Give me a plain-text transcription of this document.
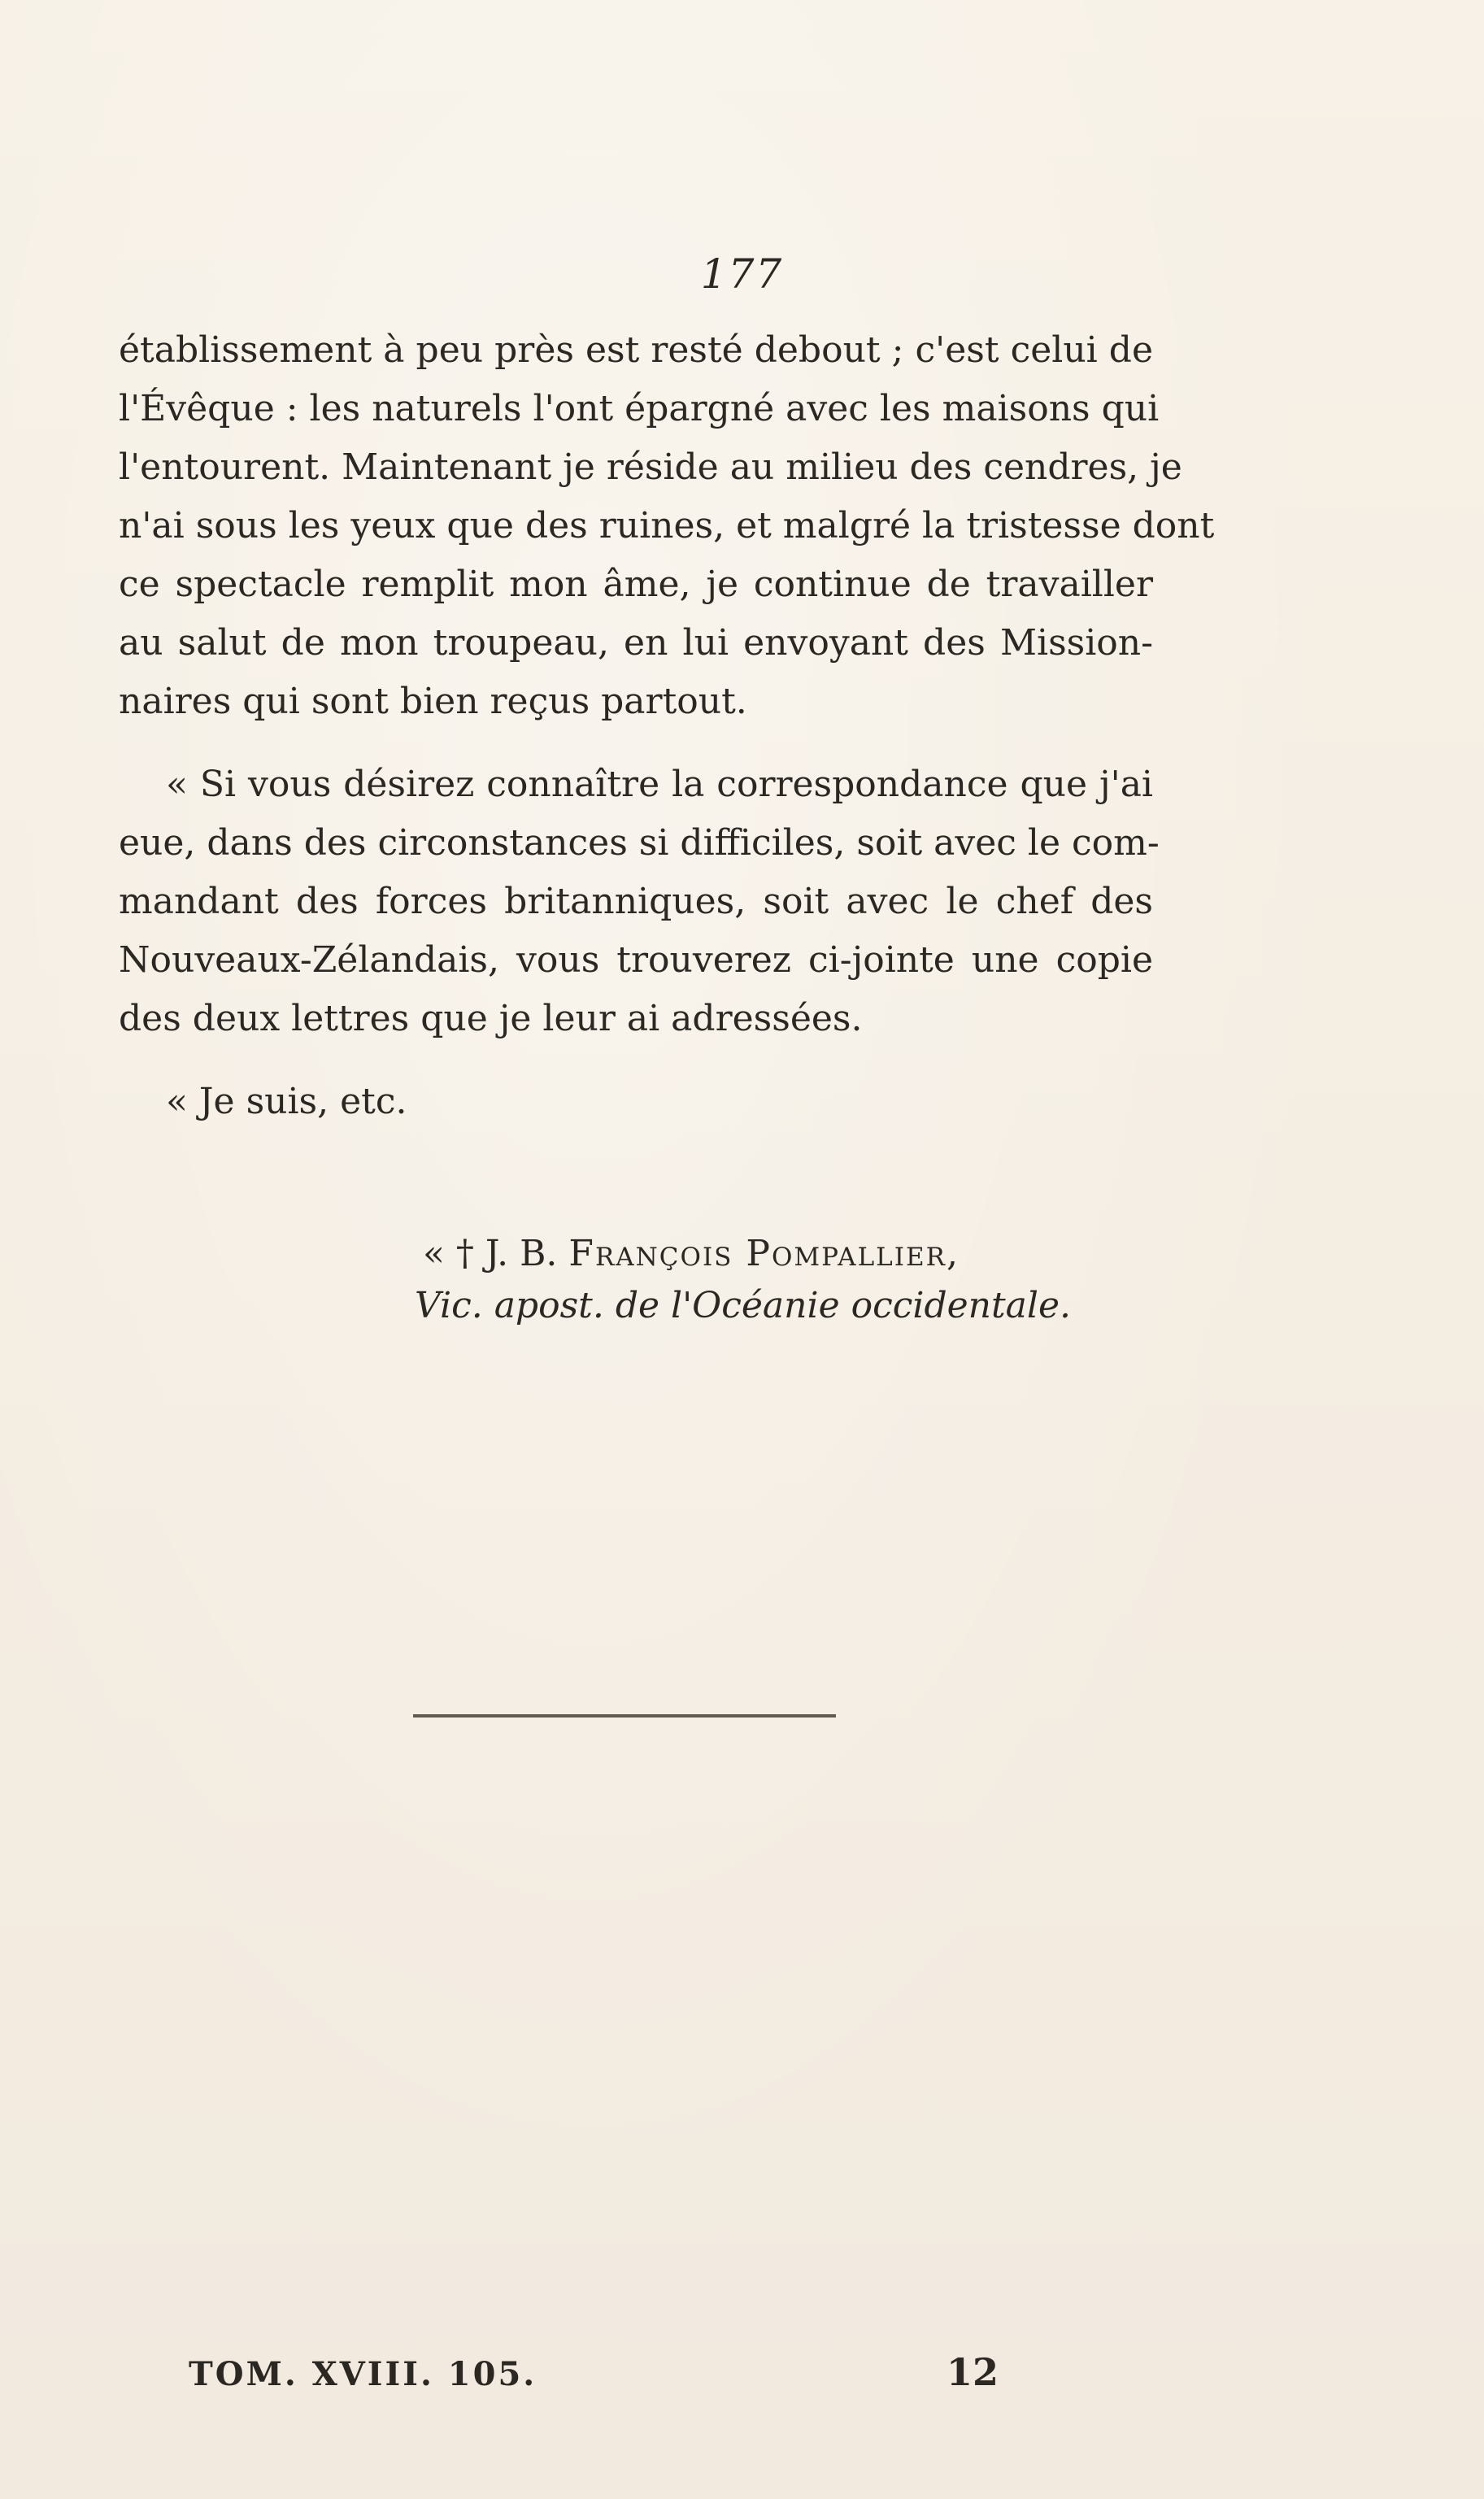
177
établissement à peu près est resté debout ; c'est celui de
l'Évêque : les naturels l'ont épargné avec les maisons qui
l'entourent. Maintenant je réside au milieu des cendres, je
n'ai sous les yeux que des ruines, et malgré la tristesse dont
ce spectacle remplit mon âme, je continue de travailler
au salut de mon troupeau, en lui envoyant des Mission-
naires qui sont bien reçus partout.
« Si vous désirez connaître la correspondance que j'ai
eue, dans des circonstances si difficiles, soit avec le com-
mandant des forces britanniques, soit avec le chef des
Nouveaux-Zélandais, vous trouverez ci-jointe une copie
des deux lettres que je leur ai adressées.
« Je suis, etc.
« † J. B. François Pompallier,
Vic. apost. de l'Océanie occidentale.
TOM. XVIII. 105.	12
